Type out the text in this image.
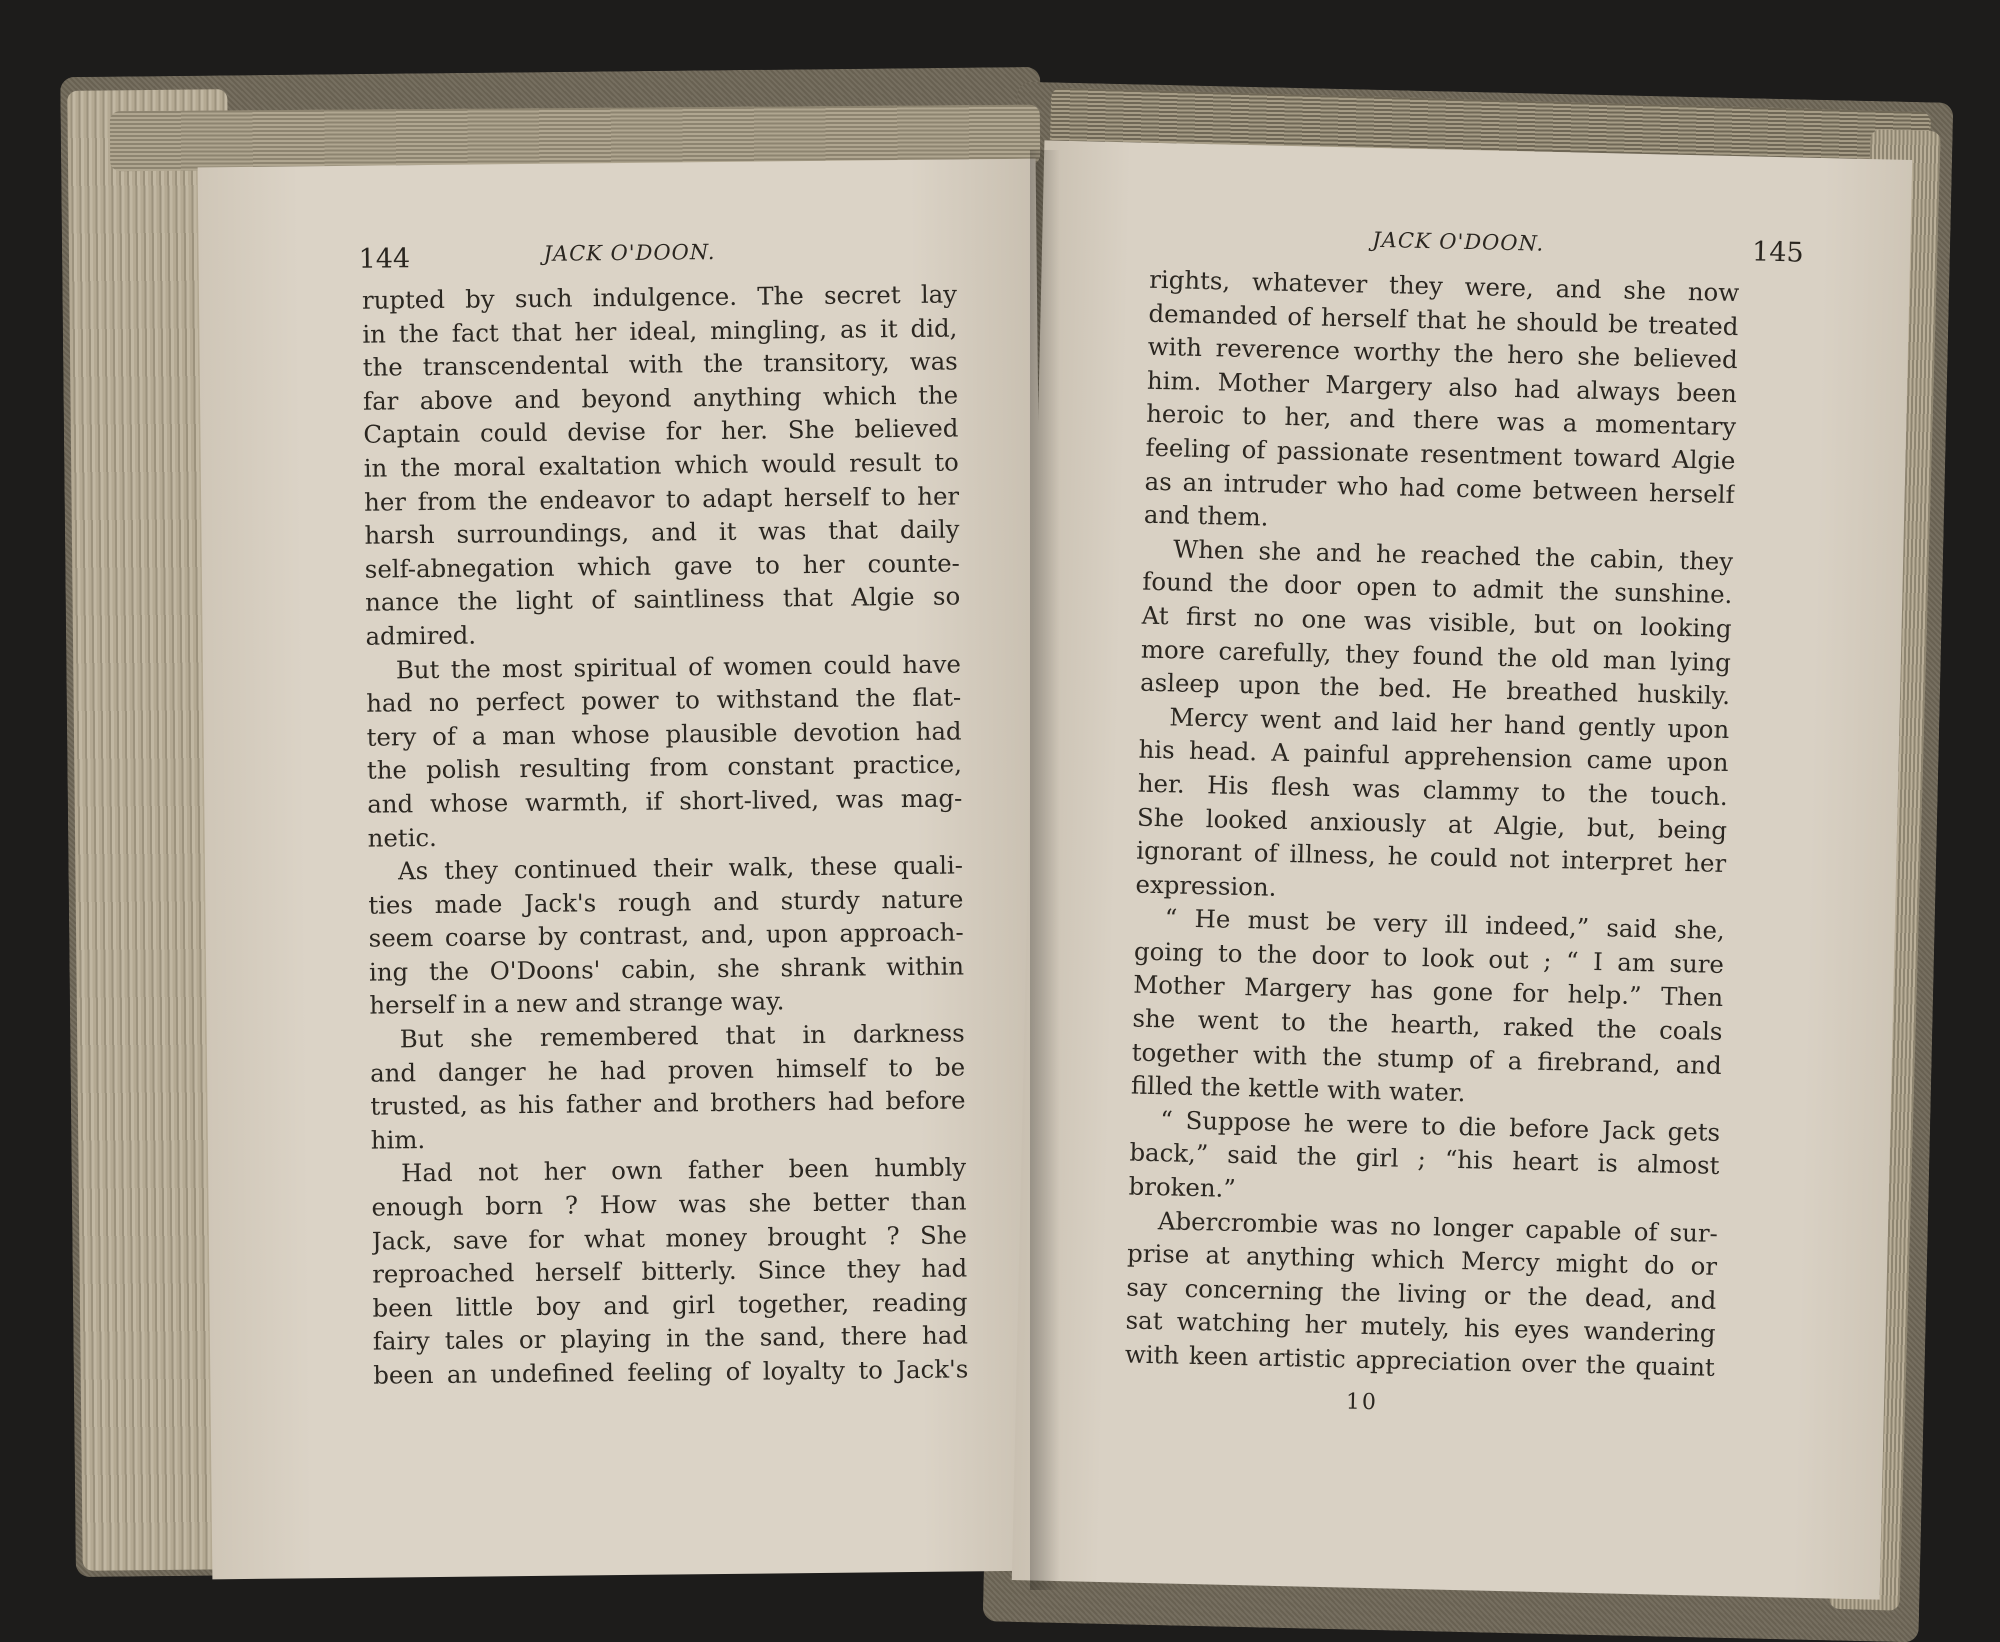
144	JACK O'DOON.
rupted by such indulgence. The secret lay
in the fact that her ideal, mingling, as it did,
the transcendental with the transitory, was
far above and beyond anything which the
Captain could devise for her. She believed
in the moral exaltation which would result to
her from the endeavor to adapt herself to her
harsh surroundings, and it was that daily
self-abnegation which gave to her counte-
nance the light of saintliness that Algie so
admired.
But the most spiritual of women could have
had no perfect power to withstand the flat-
tery of a man whose plausible devotion had
the polish resulting from constant practice,
and whose warmth, if short-lived, was mag-
netic.
As they continued their walk, these quali-
ties made Jack's rough and sturdy nature
seem coarse by contrast, and, upon approach-
ing the O'Doons' cabin, she shrank within
herself in a new and strange way.
But she remembered that in darkness
and danger he had proven himself to be
trusted, as his father and brothers had before
him.
Had not her own father been humbly
enough born ? How was she better than
Jack, save for what money brought ? She
reproached herself bitterly. Since they had
been little boy and girl together, reading
fairy tales or playing in the sand, there had
been an undefined feeling of loyalty to Jack's
JACK O'DOON.	145
rights, whatever they were, and she now
demanded of herself that he should be treated
with reverence worthy the hero she believed
him. Mother Margery also had always been
heroic to her, and there was a momentary
feeling of passionate resentment toward Algie
as an intruder who had come between herself
and them.
When she and he reached the cabin, they
found the door open to admit the sunshine.
At first no one was visible, but on looking
more carefully, they found the old man lying
asleep upon the bed. He breathed huskily.
Mercy went and laid her hand gently upon
his head. A painful apprehension came upon
her. His flesh was clammy to the touch.
She looked anxiously at Algie, but, being
ignorant of illness, he could not interpret her
expression.
“ He must be very ill indeed,” said she,
going to the door to look out ; “ I am sure
Mother Margery has gone for help.” Then
she went to the hearth, raked the coals
together with the stump of a firebrand, and
filled the kettle with water.
“ Suppose he were to die before Jack gets
back,” said the girl ; “his heart is almost
broken.”
Abercrombie was no longer capable of sur-
prise at anything which Mercy might do or
say concerning the living or the dead, and
sat watching her mutely, his eyes wandering
with keen artistic appreciation over the quaint
10
